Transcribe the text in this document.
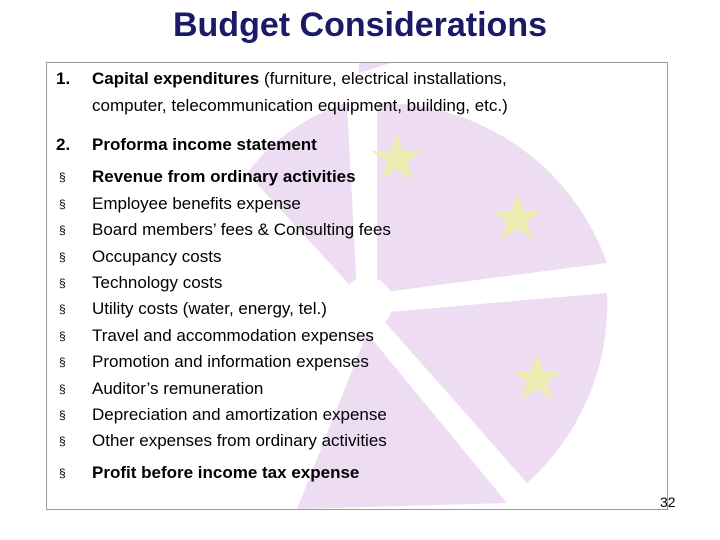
Budget Considerations
1. Capital expenditures (furniture, electrical installations,
computer, telecommunication equipment, building, etc.)
2. Proforma income statement
§	Revenue from ordinary activities
§	Employee benefits expense
§	Board members’ fees & Consulting fees
§	Occupancy costs
§	Technology costs
§	Utility costs (water, energy, tel.)
§	Travel and accommodation expenses
§	Promotion and information expenses
§	Auditor’s remuneration
§	Depreciation and amortization expense
§	Other expenses from ordinary activities
§	Profit before income tax expense
32
